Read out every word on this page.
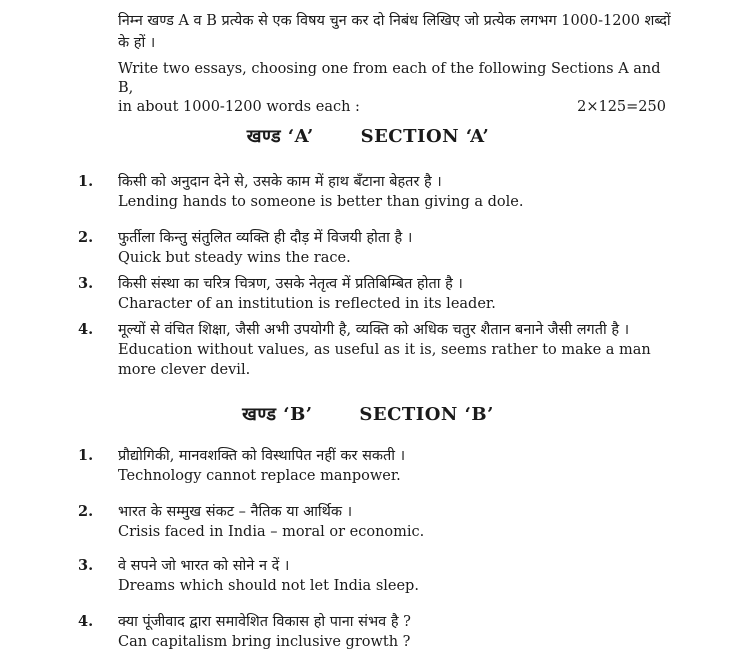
निम्न खण्ड A व B प्रत्येक से एक विषय चुन कर दो निबंध लिखिए जो प्रत्येक लगभग 1000-1200 शब्दों के हों ।
Write two essays, choosing one from each of the following Sections A and B,
in about 1000-1200 words each :	2×125=250
खण्ड ‘A’	SECTION ‘A’
1. किसी को अनुदान देने से, उसके काम में हाथ बँटाना बेहतर है ।
Lending hands to someone is better than giving a dole.
2. फुर्तीला किन्तु संतुलित व्यक्ति ही दौड़ में विजयी होता है ।
Quick but steady wins the race.
3. किसी संस्था का चरित्र चित्रण, उसके नेतृत्व में प्रतिबिम्बित होता है ।
Character of an institution is reflected in its leader.
4. मूल्यों से वंचित शिक्षा, जैसी अभी उपयोगी है, व्यक्ति को अधिक चतुर शैतान बनाने जैसी लगती है ।
Education without values, as useful as it is, seems rather to make a man more clever devil.
खण्ड ‘B’	SECTION ‘B’
1. प्रौद्योगिकी, मानवशक्ति को विस्थापित नहीं कर सकती ।
Technology cannot replace manpower.
2. भारत के सम्मुख संकट – नैतिक या आर्थिक ।
Crisis faced in India – moral or economic.
3. वे सपने जो भारत को सोने न दें ।
Dreams which should not let India sleep.
4. क्या पूंजीवाद द्वारा समावेशित विकास हो पाना संभव है ?
Can capitalism bring inclusive growth ?
